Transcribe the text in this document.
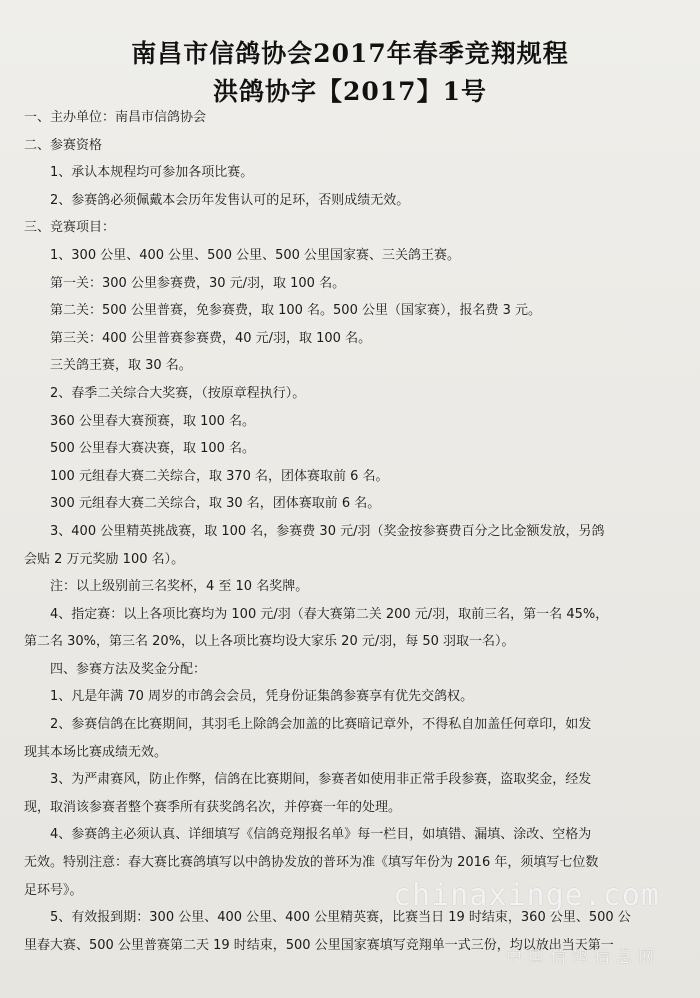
南昌市信鸽协会2017年春季竞翔规程
洪鸽协字【2017】1号

一、主办单位：南昌市信鸽协会

二、参赛资格

1、承认本规程均可参加各项比赛。

2、参赛鸽必须佩戴本会历年发售认可的足环，否则成绩无效。

三、竞赛项目：

1、300 公里、400 公里、500 公里、500 公里国家赛、三关鸽王赛。

第一关：300 公里参赛费，30 元/羽，取 100 名。

第二关：500 公里普赛，免参赛费，取 100 名。500 公里（国家赛），报名费 3 元。

第三关：400 公里普赛参赛费，40 元/羽，取 100 名。

三关鸽王赛，取 30 名。

2、春季二关综合大奖赛，（按原章程执行）。

360 公里春大赛预赛，取 100 名。

500 公里春大赛决赛，取 100 名。

100 元组春大赛二关综合，取 370 名，团体赛取前 6 名。

300 元组春大赛二关综合，取 30 名，团体赛取前 6 名。

3、400 公里精英挑战赛，取 100 名，参赛费 30 元/羽（奖金按参赛费百分之比金额发放，另鸽

会贴 2 万元奖励 100 名）。

注：以上级别前三名奖杯，4 至 10 名奖牌。

4、指定赛：以上各项比赛均为 100 元/羽（春大赛第二关 200 元/羽，取前三名，第一名 45%，

第二名 30%，第三名 20%，以上各项比赛均设大家乐 20 元/羽，每 50 羽取一名）。

四、参赛方法及奖金分配：

1、凡是年满 70 周岁的市鸽会会员，凭身份证集鸽参赛享有优先交鸽权。

2、参赛信鸽在比赛期间，其羽毛上除鸽会加盖的比赛暗记章外，不得私自加盖任何章印，如发

现其本场比赛成绩无效。

3、为严肃赛风，防止作弊，信鸽在比赛期间，参赛者如使用非正常手段参赛，盗取奖金，经发

现，取消该参赛者整个赛季所有获奖鸽名次，并停赛一年的处理。

4、参赛鸽主必须认真、详细填写《信鸽竞翔报名单》每一栏目，如填错、漏填、涂改、空格为

无效。特别注意：春大赛比赛鸽填写以中鸽协发放的普环为准《填写年份为 2016 年，须填写七位数

足环号》。

5、有效报到期：300 公里、400 公里、400 公里精英赛，比赛当日 19 时结束，360 公里、500 公

里春大赛、500 公里普赛第二天 19 时结束，500 公里国家赛填写竞翔单一式三份，均以放出当天第一

chinaxinge.com
中国信鸽信息网
